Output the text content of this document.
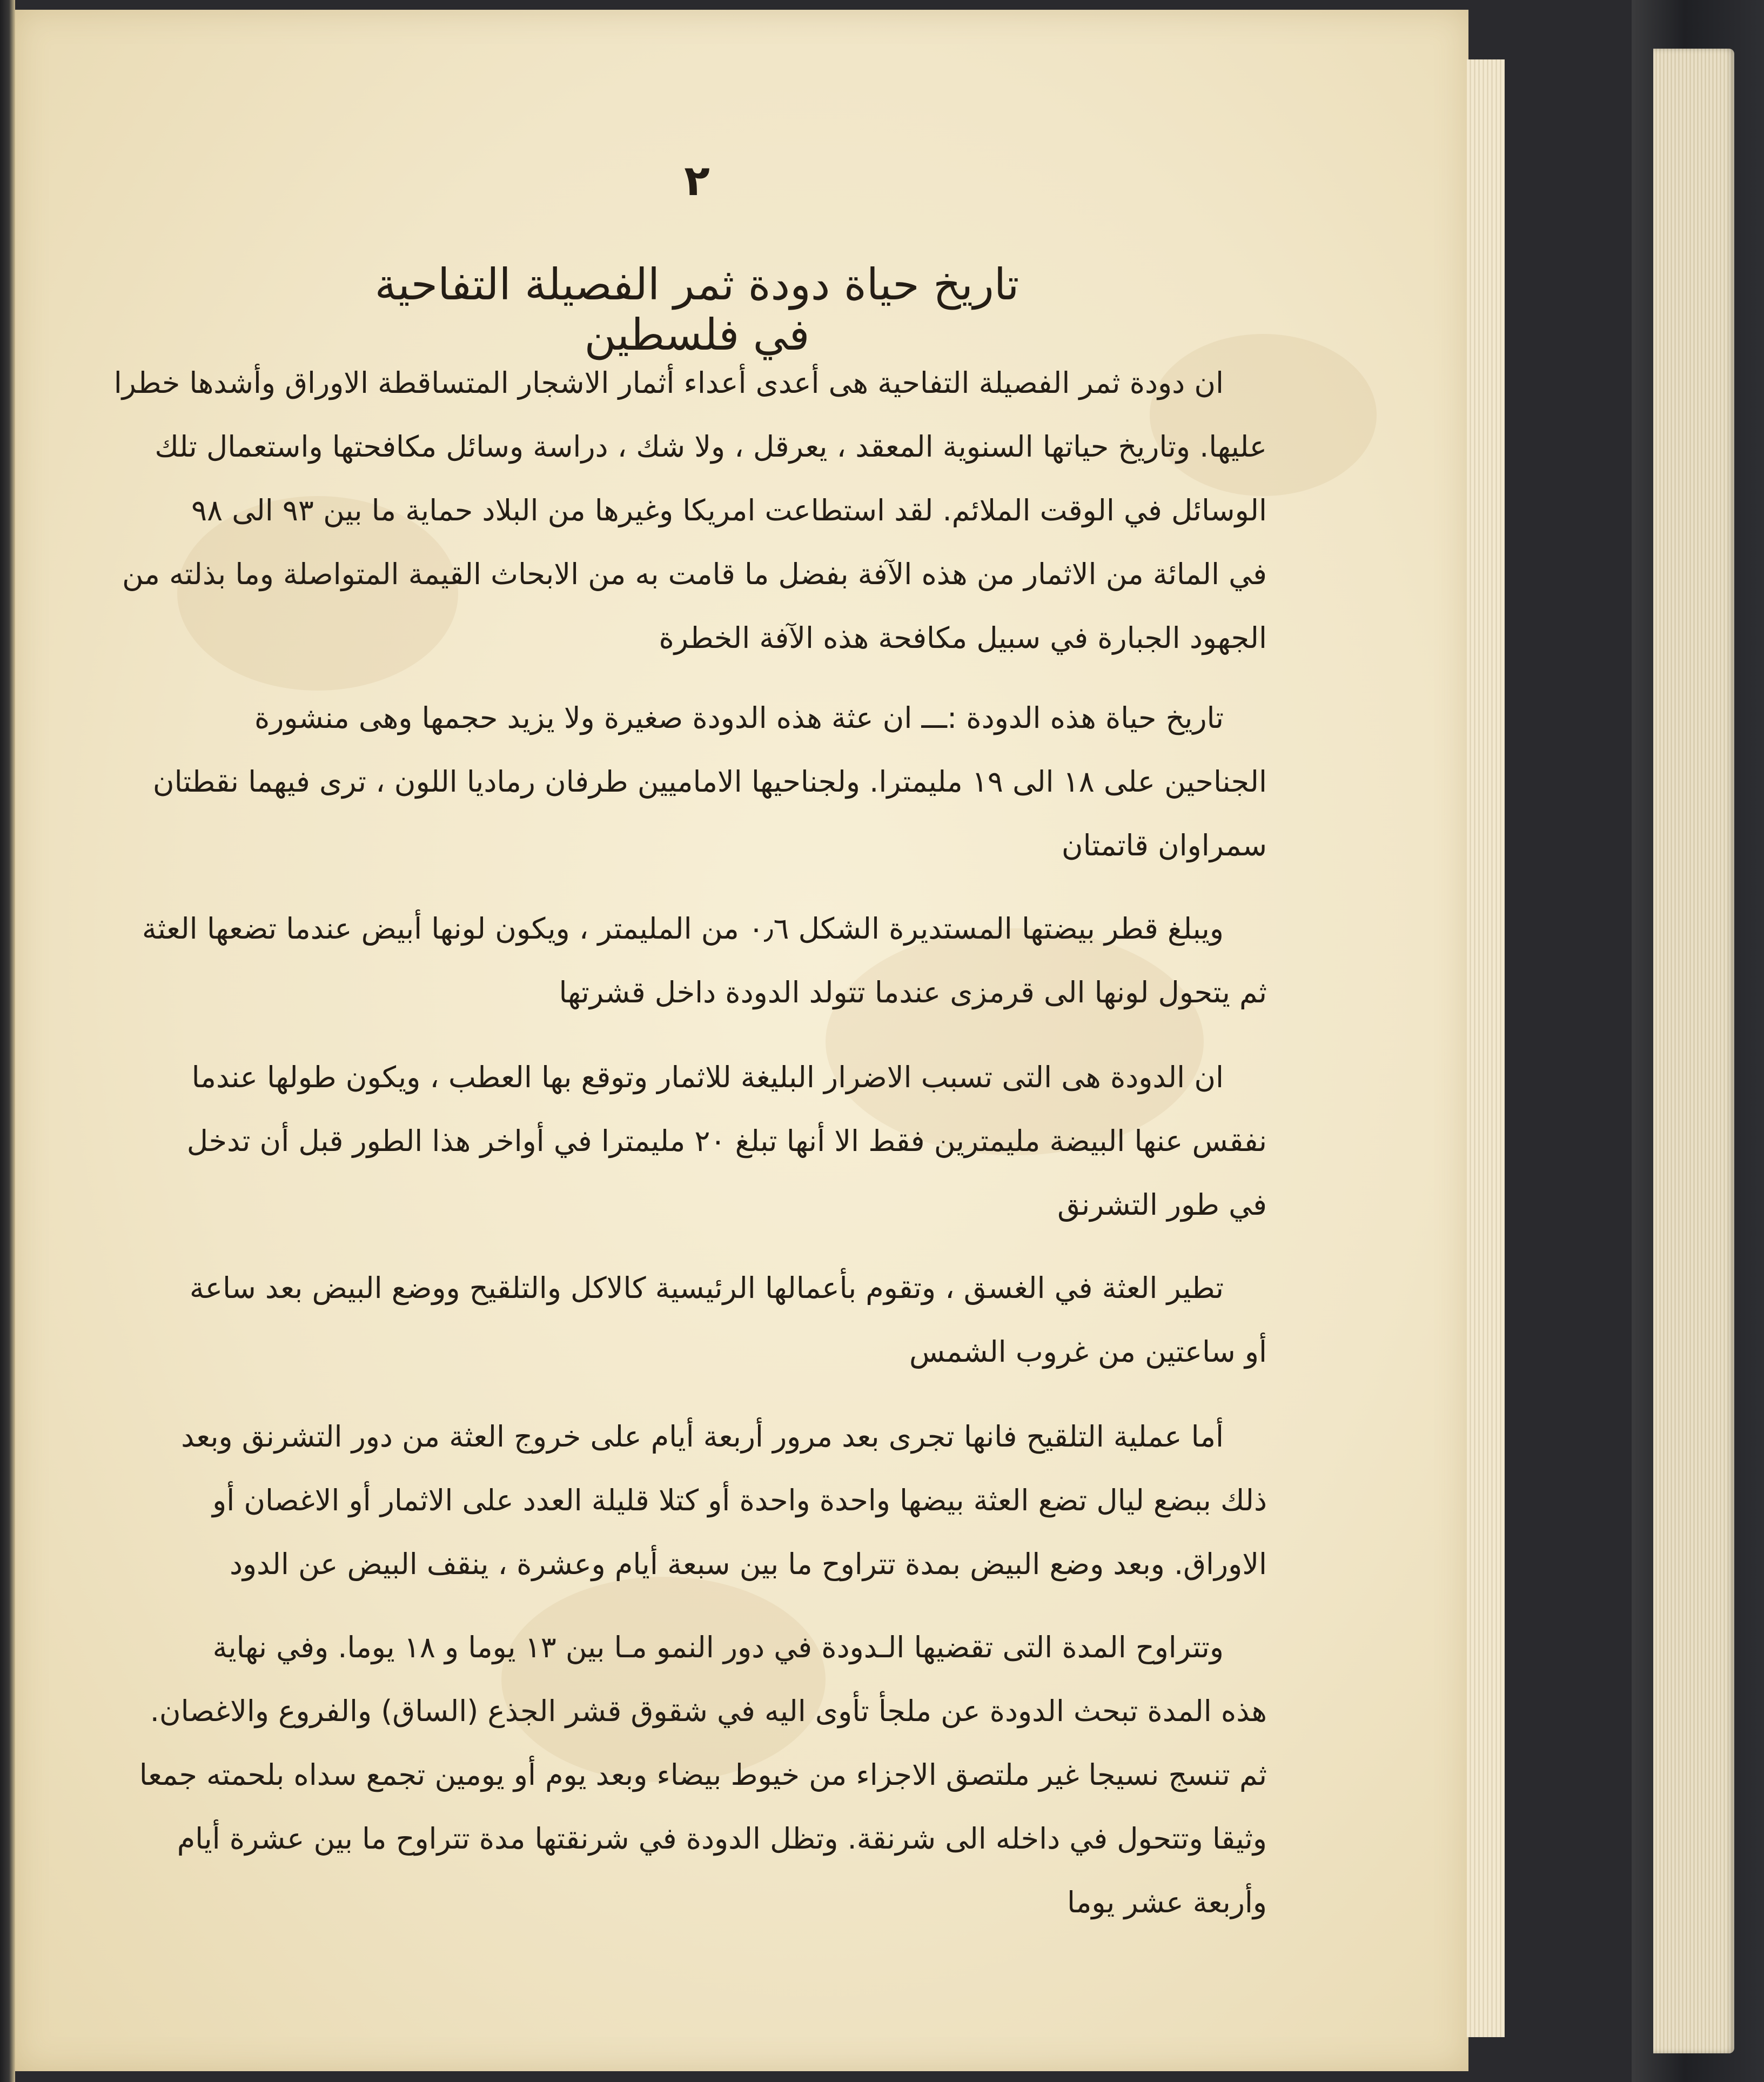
٢
تاريخ حياة دودة ثمر الفصيلة التفاحية في فلسطين
ان دودة ثمر الفصيلة التفاحية هى أعدى أعداء أثمار الاشجار المتساقطة الاوراق وأشدها خطرا
عليها. وتاريخ حياتها السنوية المعقد ، يعرقل ، ولا شك ، دراسة وسائل مكافحتها واستعمال تلك
الوسائل في الوقت الملائم. لقد استطاعت امريكا وغيرها من البلاد حماية ما بين ٩٣ الى ٩٨
في المائة من الاثمار من هذه الآفة بفضل ما قامت به من الابحاث القيمة المتواصلة وما بذلته من
الجهود الجبارة في سبيل مكافحة هذه الآفة الخطرة
تاريخ حياة هذه الدودة :ـــ ان عثة هذه الدودة صغيرة ولا يزيد حجمها وهى منشورة
الجناحين على ١٨ الى ١٩ مليمترا. ولجناحيها الاماميين طرفان رماديا اللون ، ترى فيهما نقطتان
سمراوان قاتمتان
ويبلغ قطر بيضتها المستديرة الشكل ٠٫٦ من المليمتر ، ويكون لونها أبيض عندما تضعها العثة
ثم يتحول لونها الى قرمزى عندما تتولد الدودة داخل قشرتها
ان الدودة هى التى تسبب الاضرار البليغة للاثمار وتوقع بها العطب ، ويكون طولها عندما
نفقس عنها البيضة مليمترين فقط الا أنها تبلغ ٢٠ مليمترا في أواخر هذا الطور قبل أن تدخل
في طور التشرنق
تطير العثة في الغسق ، وتقوم بأعمالها الرئيسية كالاكل والتلقيح ووضع البيض بعد ساعة
أو ساعتين من غروب الشمس
أما عملية التلقيح فانها تجرى بعد مرور أربعة أيام على خروج العثة من دور التشرنق وبعد
ذلك ببضع ليال تضع العثة بيضها واحدة واحدة أو كتلا قليلة العدد على الاثمار أو الاغصان أو
الاوراق. وبعد وضع البيض بمدة تتراوح ما بين سبعة أيام وعشرة ، ينقف البيض عن الدود
وتتراوح المدة التى تقضيها الـدودة في دور النمو مـا بين ١٣ يوما و ١٨ يوما. وفي نهاية
هذه المدة تبحث الدودة عن ملجأ تأوى اليه في شقوق قشر الجذع (الساق) والفروع والاغصان.
ثم تنسج نسيجا غير ملتصق الاجزاء من خيوط بيضاء وبعد يوم أو يومين تجمع سداه بلحمته جمعا
وثيقا وتتحول في داخله الى شرنقة. وتظل الدودة في شرنقتها مدة تتراوح ما بين عشرة أيام
وأربعة عشر يوما
